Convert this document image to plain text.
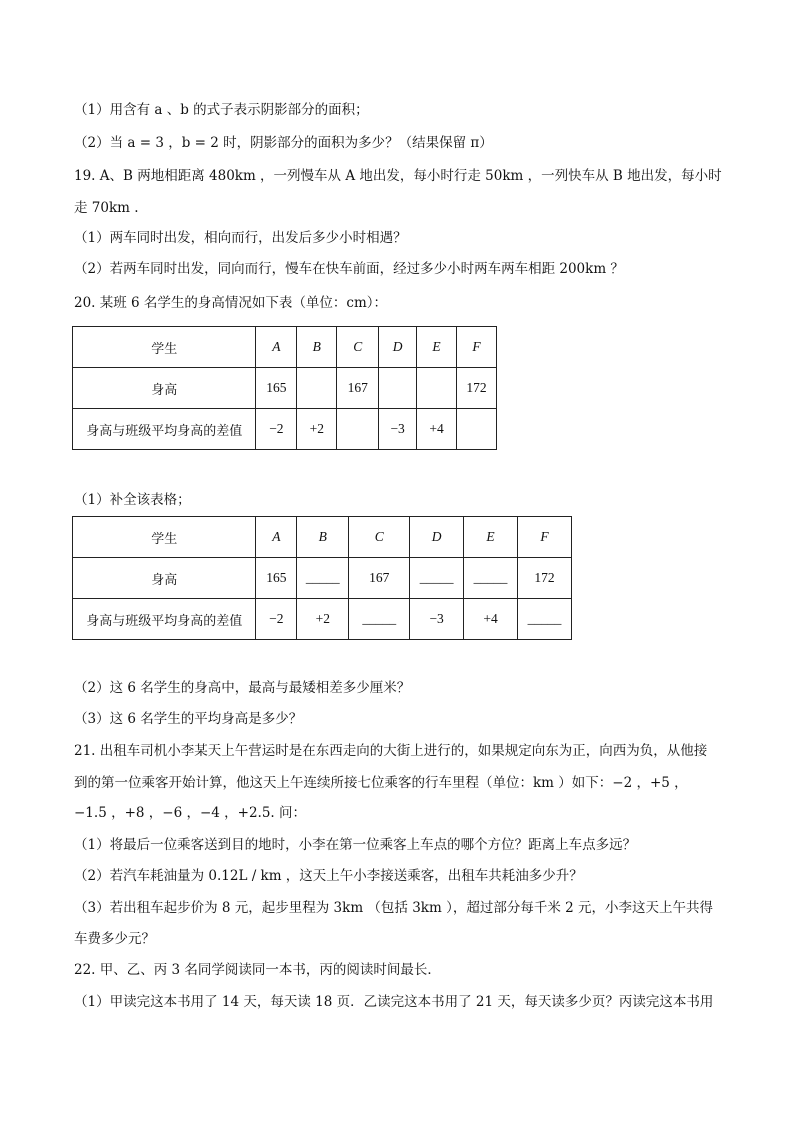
（1）用含有 a 、b 的式子表示阴影部分的面积；
（2）当 a = 3 ，b = 2 时，阴影部分的面积为多少？（结果保留 π）
19. A、B 两地相距离 480km ，一列慢车从 A 地出发，每小时行走 50km ，一列快车从 B 地出发，每小时
走 70km .
（1）两车同时出发，相向而行，出发后多少小时相遇？
（2）若两车同时出发，同向而行，慢车在快车前面，经过多少小时两车两车相距 200km ？
20. 某班 6 名学生的身高情况如下表（单位：cm）：
学生	A	B	C	D	E	F
身高	165		167			172
身高与班级平均身高的差值	−2	+2		−3	+4	
（1）补全该表格；
学生	A	B	C	D	E	F
身高	165	_____	167	_____	_____	172
身高与班级平均身高的差值	−2	+2	_____	−3	+4	_____
（2）这 6 名学生的身高中，最高与最矮相差多少厘米？
（3）这 6 名学生的平均身高是多少？
21. 出租车司机小李某天上午营运时是在东西走向的大街上进行的，如果规定向东为正，向西为负，从他接
到的第一位乘客开始计算，他这天上午连续所接七位乘客的行车里程（单位：km ）如下：−2 ，+5 ，
−1.5 ，+8 ，−6 ，−4 ，+2.5. 问：
（1）将最后一位乘客送到目的地时，小李在第一位乘客上车点的哪个方位？距离上车点多远？
（2）若汽车耗油量为 0.12L / km ，这天上午小李接送乘客，出租车共耗油多少升？
（3）若出租车起步价为 8 元，起步里程为 3km （包括 3km ），超过部分每千米 2 元，小李这天上午共得
车费多少元？
22. 甲、乙、丙 3 名同学阅读同一本书，丙的阅读时间最长．
（1）甲读完这本书用了 14 天，每天读 18 页．乙读完这本书用了 21 天，每天读多少页？丙读完这本书用
